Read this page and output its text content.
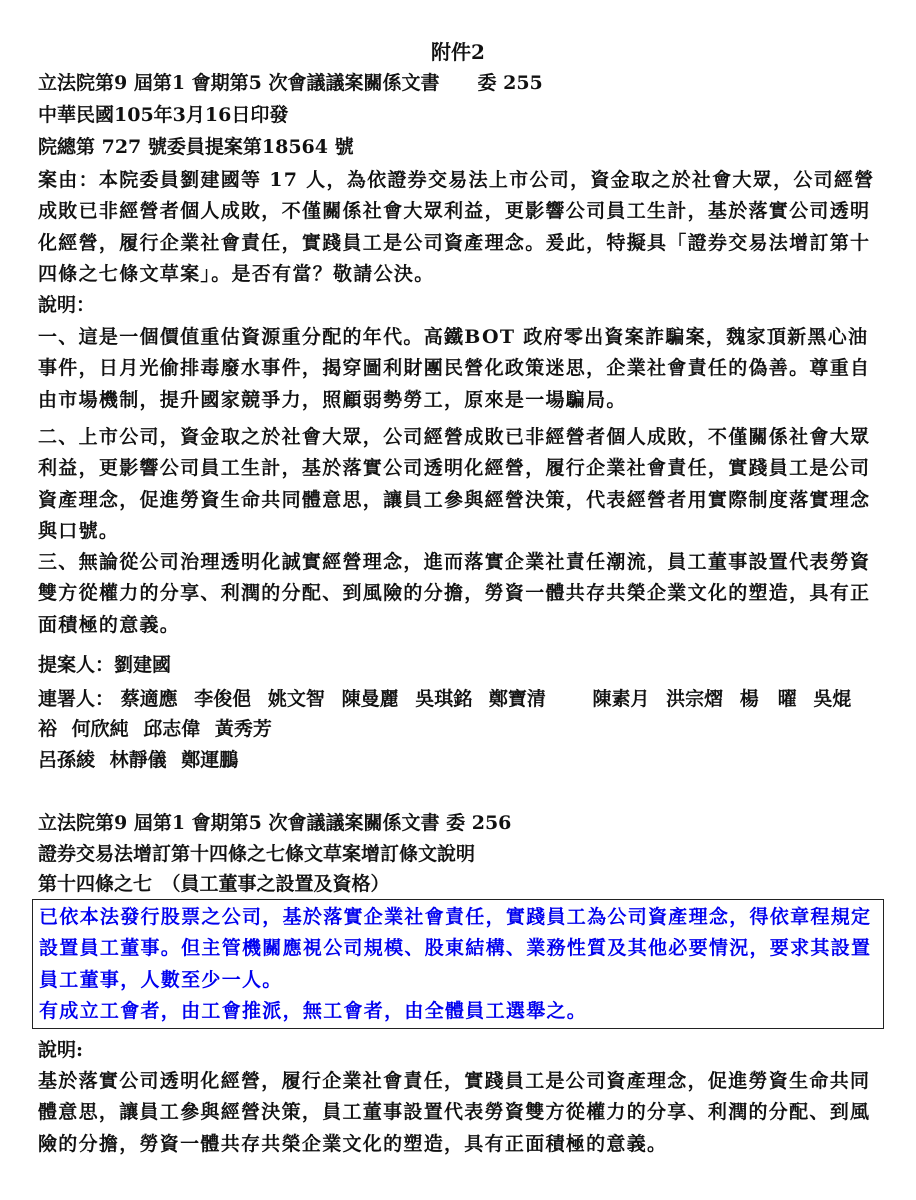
附件2
立法院第9 屆第1 會期第5 次會議議案關係文書　　委 255
中華民國105年3月16日印發
院總第 727 號委員提案第18564 號
案由：本院委員劉建國等 17 人，為依證券交易法上市公司，資金取之於社會大眾，公司經營成敗已非經營者個人成敗，不僅關係社會大眾利益，更影響公司員工生計，基於落實公司透明化經營，履行企業社會責任，實踐員工是公司資產理念。爰此，特擬具「證券交易法增訂第十四條之七條文草案」。是否有當？敬請公決。
說明：
一、這是一個價值重估資源重分配的年代。高鐵BOT 政府零出資案詐騙案，魏家頂新黑心油事件，日月光偷排毒廢水事件，揭穿圖利財團民營化政策迷思，企業社會責任的偽善。尊重自由市場機制，提升國家競爭力，照顧弱勢勞工，原來是一場騙局。
二、上市公司，資金取之於社會大眾，公司經營成敗已非經營者個人成敗，不僅關係社會大眾利益，更影響公司員工生計，基於落實公司透明化經營，履行企業社會責任，實踐員工是公司資產理念，促進勞資生命共同體意思，讓員工參與經營決策，代表經營者用實際制度落實理念與口號。
三、無論從公司治理透明化誠實經營理念，進而落實企業社責任潮流，員工董事設置代表勞資雙方從權力的分享、利潤的分配、到風險的分擔，勞資一體共存共榮企業文化的塑造，具有正面積極的意義。
提案人：劉建國
連署人： 蔡適應 李俊俋 姚文智 陳曼麗 吳琪銘 鄭寶清 陳素月 洪宗熠 楊　曜 吳焜
裕 何欣純 邱志偉 黃秀芳
呂孫綾 林靜儀 鄭運鵬
立法院第9 屆第1 會期第5 次會議議案關係文書 委 256
證券交易法增訂第十四條之七條文草案增訂條文說明
第十四條之七　（員工董事之設置及資格）
已依本法發行股票之公司，基於落實企業社會責任，實踐員工為公司資產理念，得依章程規定設置員工董事。但主管機關應視公司規模、股東結構、業務性質及其他必要情況，要求其設置員工董事，人數至少一人。
有成立工會者，由工會推派，無工會者，由全體員工選舉之。
說明:
基於落實公司透明化經營，履行企業社會責任，實踐員工是公司資產理念，促進勞資生命共同體意思，讓員工參與經營決策，員工董事設置代表勞資雙方從權力的分享、利潤的分配、到風險的分擔，勞資一體共存共榮企業文化的塑造，具有正面積極的意義。
